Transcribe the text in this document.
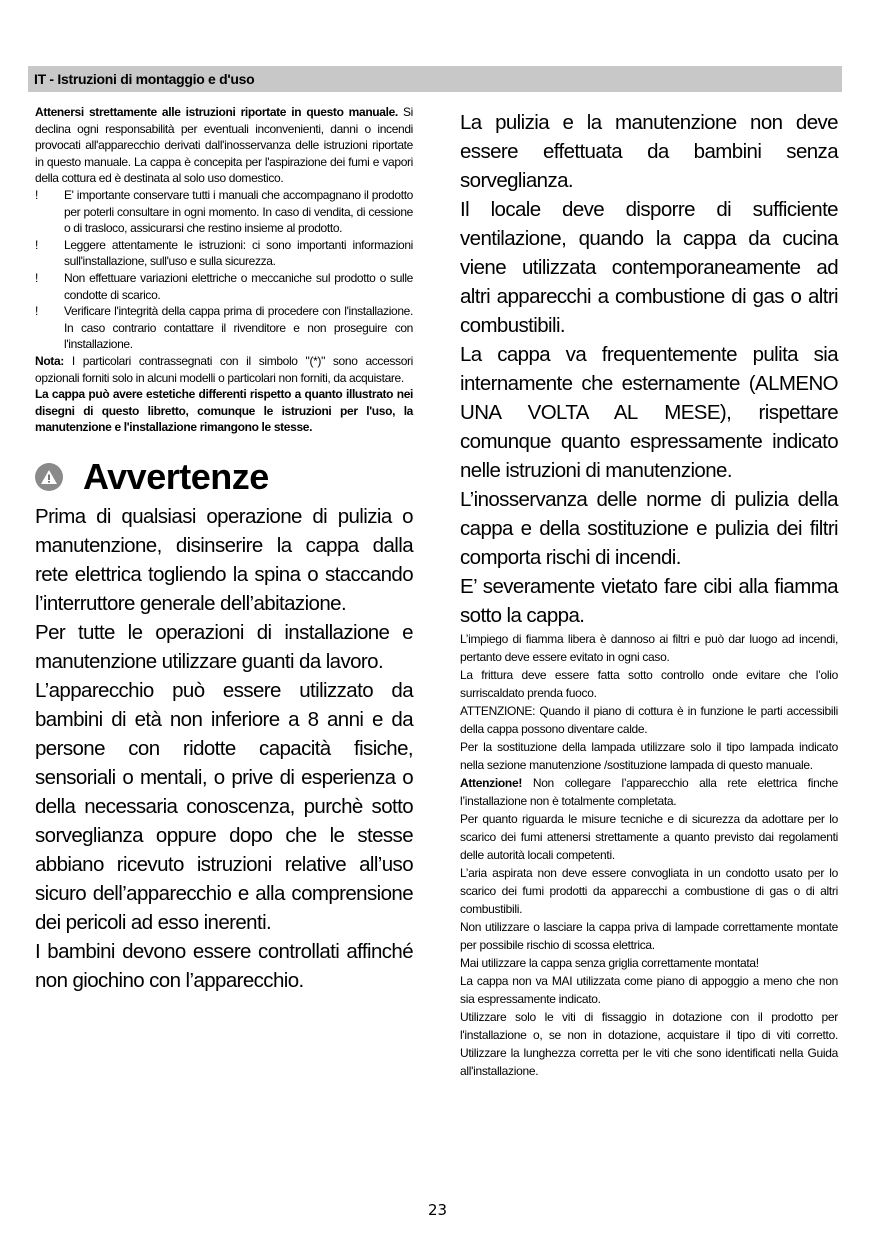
IT - Istruzioni di montaggio e d'uso

Attenersi strettamente alle istruzioni riportate in questo manuale. Si declina ogni responsabilità per eventuali inconvenienti, danni o incendi provocati all'apparecchio derivati dall'inosservanza delle istruzioni riportate in questo manuale. La cappa è concepita per l'aspirazione dei fumi e vapori della cottura ed è destinata al solo uso domestico.

!	E' importante conservare tutti i manuali che accompagnano il prodotto per poterli consultare in ogni momento. In caso di vendita, di cessione o di trasloco, assicurarsi che restino insieme al prodotto.

!	Leggere attentamente le istruzioni: ci sono importanti informazioni sull'installazione, sull'uso e sulla sicurezza.

!	Non effettuare variazioni elettriche o meccaniche sul prodotto o sulle condotte di scarico.

!	Verificare l'integrità della cappa prima di procedere con l'installazione. In caso contrario contattare il rivenditore e non proseguire con l'installazione.

Nota: I particolari contrassegnati con il simbolo "(*)" sono accessori opzionali forniti solo in alcuni modelli o particolari non forniti, da acquistare.

La cappa può avere estetiche differenti rispetto a quanto illustrato nei disegni di questo libretto, comunque le istruzioni per l'uso, la manutenzione e l'installazione rimangono le stesse.

Avvertenze

Prima di qualsiasi operazione di pulizia o manutenzione, disinserire la cappa dalla rete elettrica togliendo la spina o staccando l’interruttore generale dell’abitazione.

Per tutte le operazioni di installazione e manutenzione utilizzare guanti da lavoro.

L’apparecchio può essere utilizzato da bambini di età non inferiore a 8 anni e da persone con ridotte capacità fisiche, sensoriali o mentali, o prive di esperienza o della necessaria conoscenza, purchè sotto sorveglianza oppure dopo che le stesse abbiano ricevuto istruzioni relative all’uso sicuro dell’apparecchio e alla comprensione dei pericoli ad esso inerenti.

I bambini devono essere controllati affinché non giochino con l’apparecchio.

La pulizia e la manutenzione non deve essere effettuata da bambini senza sorveglianza.

Il locale deve disporre di sufficiente ventilazione, quando la cappa da cucina viene utilizzata contemporaneamente ad altri apparecchi a combustione di gas o altri combustibili.

La cappa va frequentemente pulita sia internamente che esternamente (ALMENO UNA VOLTA AL MESE), rispettare comunque quanto espressamente indicato nelle istruzioni di manutenzione.

L’inosservanza delle norme di pulizia della cappa e della sostituzione e pulizia dei filtri comporta rischi di incendi.

E’ severamente vietato fare cibi alla fiamma sotto la cappa.

L’impiego di fiamma libera è dannoso ai filtri e può dar luogo ad incendi, pertanto deve essere evitato in ogni caso.

La frittura deve essere fatta sotto controllo onde evitare che l’olio surriscaldato prenda fuoco.

ATTENZIONE: Quando il piano di cottura è in funzione le parti accessibili della cappa possono diventare calde.

Per la sostituzione della lampada utilizzare solo il tipo lampada indicato nella sezione manutenzione /sostituzione lampada di questo manuale.

Attenzione! Non collegare l’apparecchio alla rete elettrica finche l’installazione non è totalmente completata.

Per quanto riguarda le misure tecniche e di sicurezza da adottare per lo scarico dei fumi attenersi strettamente a quanto previsto dai regolamenti delle autorità locali competenti.

L’aria aspirata non deve essere convogliata in un condotto usato per lo scarico dei fumi prodotti da apparecchi a combustione di gas o di altri combustibili.

Non utilizzare o lasciare la cappa priva di lampade correttamente montate per possibile rischio di scossa elettrica.

Mai utilizzare la cappa senza griglia correttamente montata!

La cappa non va MAI utilizzata come piano di appoggio a meno che non sia espressamente indicato.

Utilizzare solo le viti di fissaggio in dotazione con il prodotto per l'installazione o, se non in dotazione, acquistare il tipo di viti corretto. Utilizzare la lunghezza corretta per le viti che sono identificati nella Guida all'installazione.

23
